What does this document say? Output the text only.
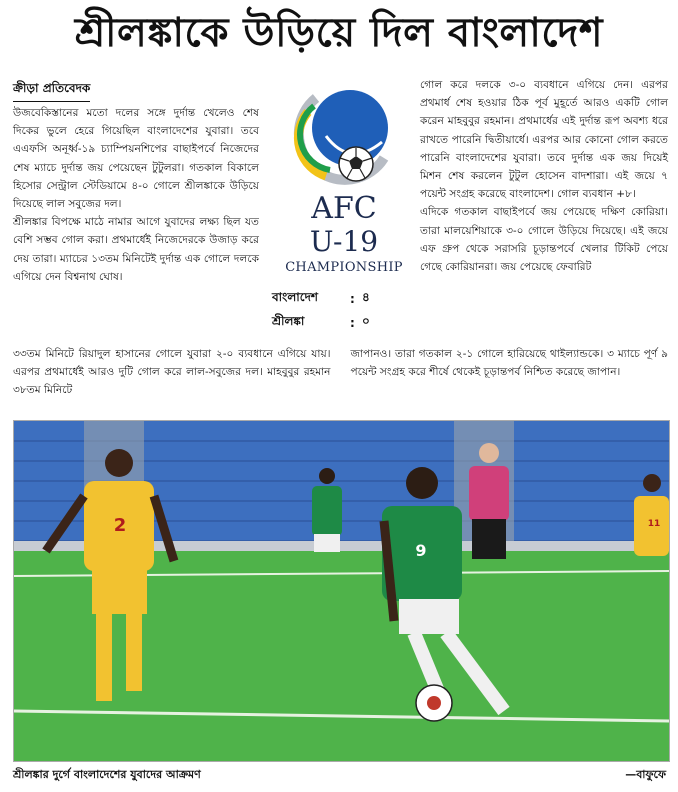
শ্রীলঙ্কাকে উড়িয়ে দিল বাংলাদেশ
ক্রীড়া প্রতিবেদক

উজবেকিস্তানের মতো দলের সঙ্গে দুর্দান্ত খেলেও শেষ দিকের ভুলে হেরে গিয়েছিল বাংলাদেশের যুবারা। তবে এএফসি অনূর্ধ্ব-১৯ চ্যাম্পিয়নশিপের বাছাইপর্বে নিজেদের শেষ ম্যাচে দুর্দান্ত জয় পেয়েছেন টুটুলরা। গতকাল বিকালে হিসোর সেন্ট্রাল স্টেডিয়ামে ৪-০ গোলে শ্রীলঙ্কাকে উড়িয়ে দিয়েছে লাল সবুজের দল।

শ্রীলঙ্কার বিপক্ষে মাঠে নামার আগে যুবাদের লক্ষ্য ছিল যত বেশি সম্ভব গোল করা। প্রথমার্ধেই নিজেদেরকে উজাড় করে দেয় তারা। ম্যাচের ১৩তম মিনিটেই দুর্দান্ত এক গোলে দলকে এগিয়ে দেন বিশ্বনাথ ঘোষ।

AFC
U-19
CHAMPIONSHIP
বাংলাদেশ	: ৪
শ্রীলঙ্কা	: ০

গোল করে দলকে ৩-০ ব্যবধানে এগিয়ে দেন। এরপর প্রথমার্ধ শেষ হওয়ার ঠিক পূর্ব মুহূর্তে আরও একটি গোল করেন মাহবুবুর রহমান। প্রথমার্ধের এই দুর্দান্ত রূপ অবশ্য ধরে রাখতে পারেনি দ্বিতীয়ার্ধে। এরপর আর কোনো গোল করতে পারেনি বাংলাদেশের যুবারা। তবে দুর্দান্ত এক জয় দিয়েই মিশন শেষ করলেন টুটুল হোসেন বাদশারা। এই জয়ে ৭ পয়েন্ট সংগ্রহ করেছে বাংলাদেশ। গোল ব্যবধান +৮।

এদিকে গতকাল বাছাইপর্বে জয় পেয়েছে দক্ষিণ কোরিয়া। তারা মালয়েশিয়াকে ৩-০ গোলে উড়িয়ে দিয়েছে। এই জয়ে এফ গ্রুপ থেকে সরাসরি চূড়ান্তপর্বে খেলার টিকিট পেয়ে গেছে কোরিয়ানরা। জয় পেয়েছে ফেবারিট

৩৩তম মিনিটে রিয়াদুল হাসানের গোলে যুবারা ২-০ ব্যবধানে এগিয়ে যায়। এরপর প্রথমার্ধেই আরও দুটি গোল করে লাল-সবুজের দল। মাহবুবুর রহমান ৩৮তম মিনিটে

জাপানও। তারা গতকাল ২-১ গোলে হারিয়েছে থাইল্যান্ডকে। ৩ ম্যাচে পূর্ণ ৯ পয়েন্ট সংগ্রহ করে শীর্ষে থেকেই চূড়ান্তপর্ব নিশ্চিত করেছে জাপান।

2
9
11
শ্রীলঙ্কার দুর্গে বাংলাদেশের যুবাদের আক্রমণ	—বাফুফে
